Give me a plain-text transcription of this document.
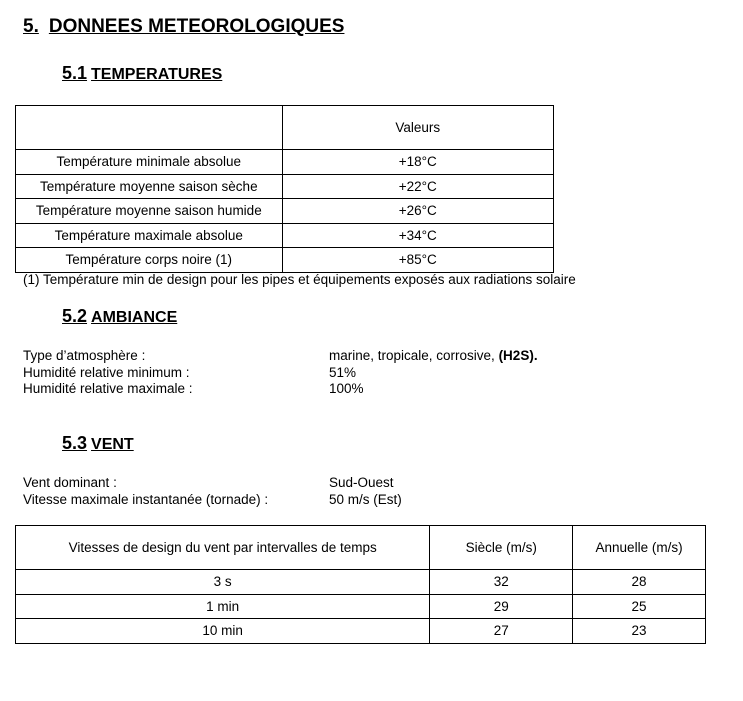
5. DONNEES METEOROLOGIQUES
5.1 TEMPERATURES
	Valeurs
Température minimale absolue	+18°C
Température moyenne saison sèche	+22°C
Température moyenne saison humide	+26°C
Température maximale absolue	+34°C
Température corps noire (1)	+85°C
(1) Température min de design pour les pipes et équipements exposés aux radiations solaire
5.2 AMBIANCE
Type d’atmosphère :	marine, tropicale, corrosive, (H2S).
Humidité relative minimum :	51%
Humidité relative maximale :	100%
5.3 VENT
Vent dominant :	Sud-Ouest
Vitesse maximale instantanée (tornade) :	50 m/s (Est)
Vitesses de design du vent par intervalles de temps	Siècle (m/s)	Annuelle (m/s)
3 s	32	28
1 min	29	25
10 min	27	23
